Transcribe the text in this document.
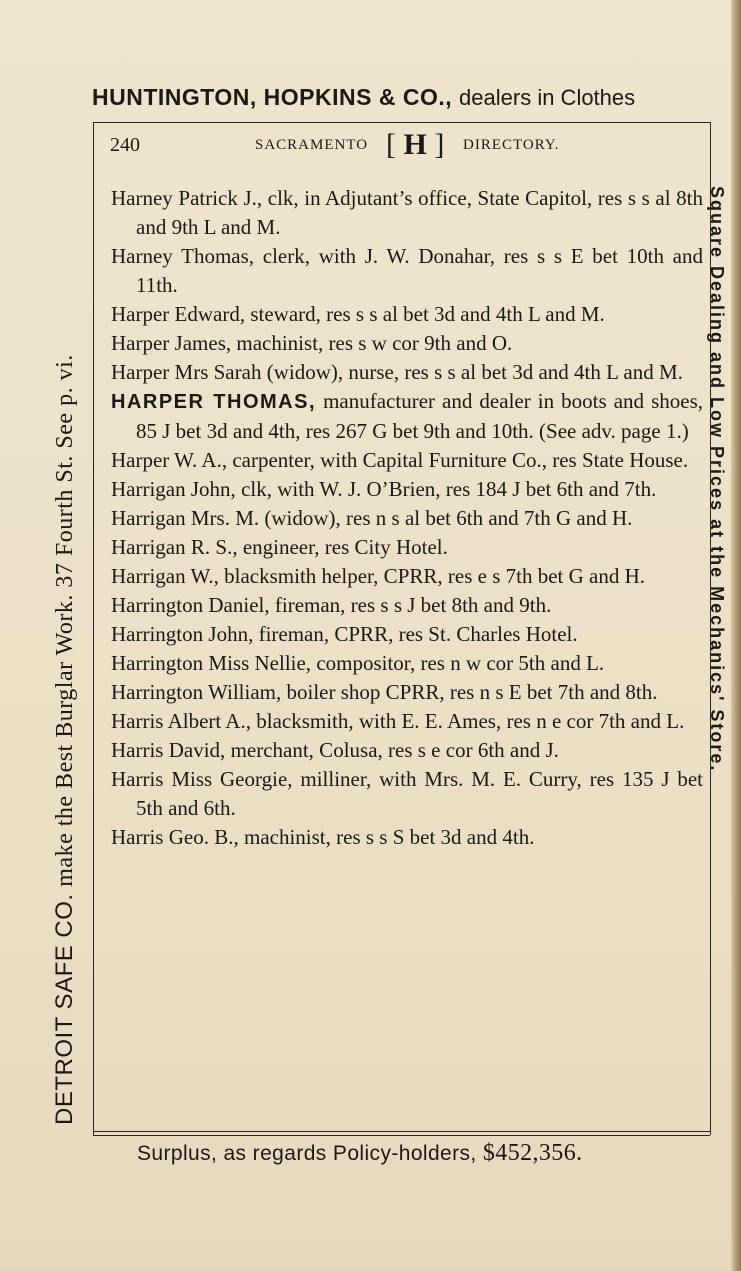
HUNTINGTON, HOPKINS & CO., dealers in Clothes
DETROIT SAFE CO. make the Best Burglar Work. 37 Fourth St. See p. vi.	Square Dealing and Low Prices at the Mechanics' Store.
240	SACRAMENTO [ H ] DIRECTORY.

Harney Patrick J., clk, in Adjutant’s office, State Capitol, res s s al 8th and 9th L and M.

Harney Thomas, clerk, with J. W. Donahar, res s s E bet 10th and 11th.

Harper Edward, steward, res s s al bet 3d and 4th L and M.

Harper James, machinist, res s w cor 9th and O.

Harper Mrs Sarah (widow), nurse, res s s al bet 3d and 4th L and M.

HARPER THOMAS, manufacturer and dealer in boots and shoes, 85 J bet 3d and 4th, res 267 G bet 9th and 10th. (See adv. page 1.)

Harper W. A., carpenter, with Capital Furniture Co., res State House.

Harrigan John, clk, with W. J. O’Brien, res 184 J bet 6th and 7th.

Harrigan Mrs. M. (widow), res n s al bet 6th and 7th G and H.

Harrigan R. S., engineer, res City Hotel.

Harrigan W., blacksmith helper, CPRR, res e s 7th bet G and H.

Harrington Daniel, fireman, res s s J bet 8th and 9th.

Harrington John, fireman, CPRR, res St. Charles Hotel.

Harrington Miss Nellie, compositor, res n w cor 5th and L.

Harrington William, boiler shop CPRR, res n s E bet 7th and 8th.

Harris Albert A., blacksmith, with E. E. Ames, res n e cor 7th and L.

Harris David, merchant, Colusa, res s e cor 6th and J.

Harris Miss Georgie, milliner, with Mrs. M. E. Curry, res 135 J bet 5th and 6th.

Harris Geo. B., machinist, res s s S bet 3d and 4th.

Surplus, as regards Policy-holders, $452,356.
